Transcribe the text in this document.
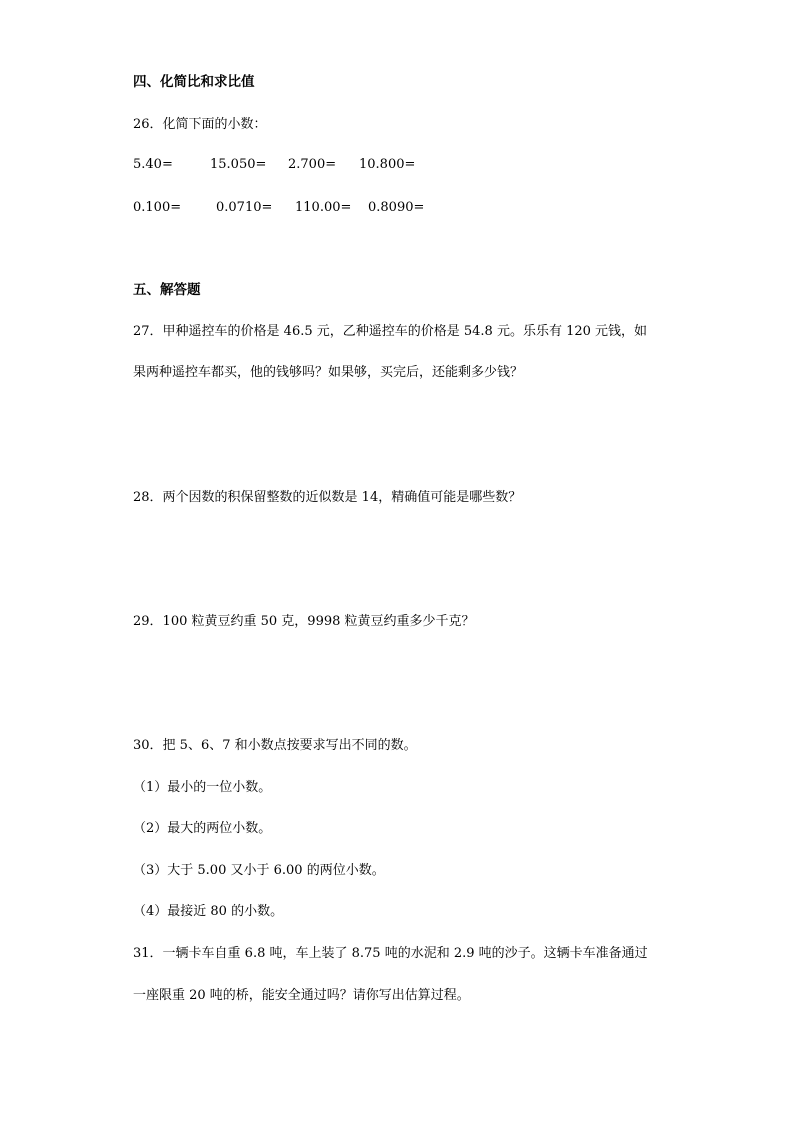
四、化简比和求比值
26．化简下面的小数：
5.40=	15.050= 2.700= 10.800=
0.100=	0.0710= 110.00= 0.8090=
五、解答题
27．甲种遥控车的价格是 46.5 元，乙种遥控车的价格是 54.8 元。乐乐有 120 元钱，如
果两种遥控车都买，他的钱够吗？如果够，买完后，还能剩多少钱？
28．两个因数的积保留整数的近似数是 14，精确值可能是哪些数？
29．100 粒黄豆约重 50 克，9998 粒黄豆约重多少千克？
30．把 5、6、7 和小数点按要求写出不同的数。
（1）最小的一位小数。
（2）最大的两位小数。
（3）大于 5.00 又小于 6.00 的两位小数。
（4）最接近 80 的小数。
31．一辆卡车自重 6.8 吨，车上装了 8.75 吨的水泥和 2.9 吨的沙子。这辆卡车准备通过
一座限重 20 吨的桥，能安全通过吗？请你写出估算过程。
